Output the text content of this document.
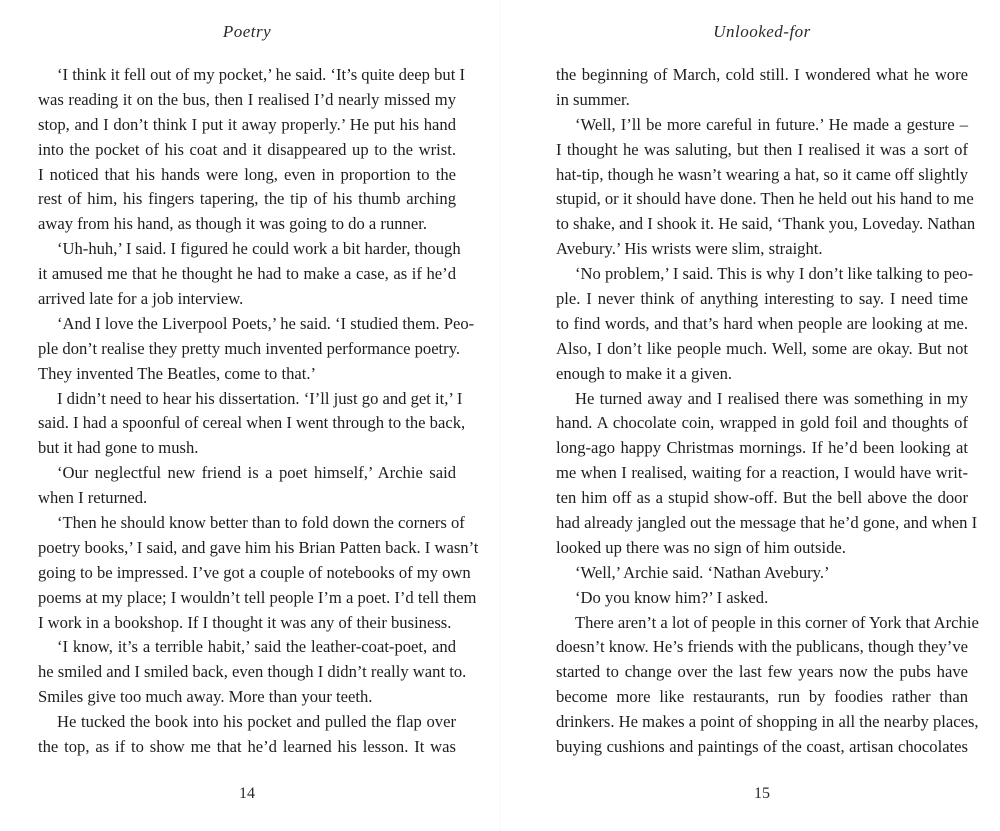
Poetry
‘I think it fell out of my pocket,’ he said. ‘It’s quite deep but I
was reading it on the bus, then I realised I’d nearly missed my
stop, and I don’t think I put it away properly.’ He put his hand
into the pocket of his coat and it disappeared up to the wrist.
I noticed that his hands were long, even in proportion to the
rest of him, his fingers tapering, the tip of his thumb arching
away from his hand, as though it was going to do a runner.
‘Uh-huh,’ I said. I figured he could work a bit harder, though
it amused me that he thought he had to make a case, as if he’d
arrived late for a job interview.
‘And I love the Liverpool Poets,’ he said. ‘I studied them. Peo-
ple don’t realise they pretty much invented performance poetry.
They invented The Beatles, come to that.’
I didn’t need to hear his dissertation. ‘I’ll just go and get it,’ I
said. I had a spoonful of cereal when I went through to the back,
but it had gone to mush.
‘Our neglectful new friend is a poet himself,’ Archie said
when I returned.
‘Then he should know better than to fold down the corners of
poetry books,’ I said, and gave him his Brian Patten back. I wasn’t
going to be impressed. I’ve got a couple of notebooks of my own
poems at my place; I wouldn’t tell people I’m a poet. I’d tell them
I work in a bookshop. If I thought it was any of their business.
‘I know, it’s a terrible habit,’ said the leather-coat-poet, and
he smiled and I smiled back, even though I didn’t really want to.
Smiles give too much away. More than your teeth.
He tucked the book into his pocket and pulled the flap over
the top, as if to show me that he’d learned his lesson. It was
14
Unlooked-for
the beginning of March, cold still. I wondered what he wore
in summer.
‘Well, I’ll be more careful in future.’ He made a gesture –
I thought he was saluting, but then I realised it was a sort of
hat-tip, though he wasn’t wearing a hat, so it came off slightly
stupid, or it should have done. Then he held out his hand to me
to shake, and I shook it. He said, ‘Thank you, Loveday. Nathan
Avebury.’ His wrists were slim, straight.
‘No problem,’ I said. This is why I don’t like talking to peo-
ple. I never think of anything interesting to say. I need time
to find words, and that’s hard when people are looking at me.
Also, I don’t like people much. Well, some are okay. But not
enough to make it a given.
He turned away and I realised there was something in my
hand. A chocolate coin, wrapped in gold foil and thoughts of
long-ago happy Christmas mornings. If he’d been looking at
me when I realised, waiting for a reaction, I would have writ-
ten him off as a stupid show-off. But the bell above the door
had already jangled out the message that he’d gone, and when I
looked up there was no sign of him outside.
‘Well,’ Archie said. ‘Nathan Avebury.’
‘Do you know him?’ I asked.
There aren’t a lot of people in this corner of York that Archie
doesn’t know. He’s friends with the publicans, though they’ve
started to change over the last few years now the pubs have
become more like restaurants, run by foodies rather than
drinkers. He makes a point of shopping in all the nearby places,
buying cushions and paintings of the coast, artisan chocolates
15
